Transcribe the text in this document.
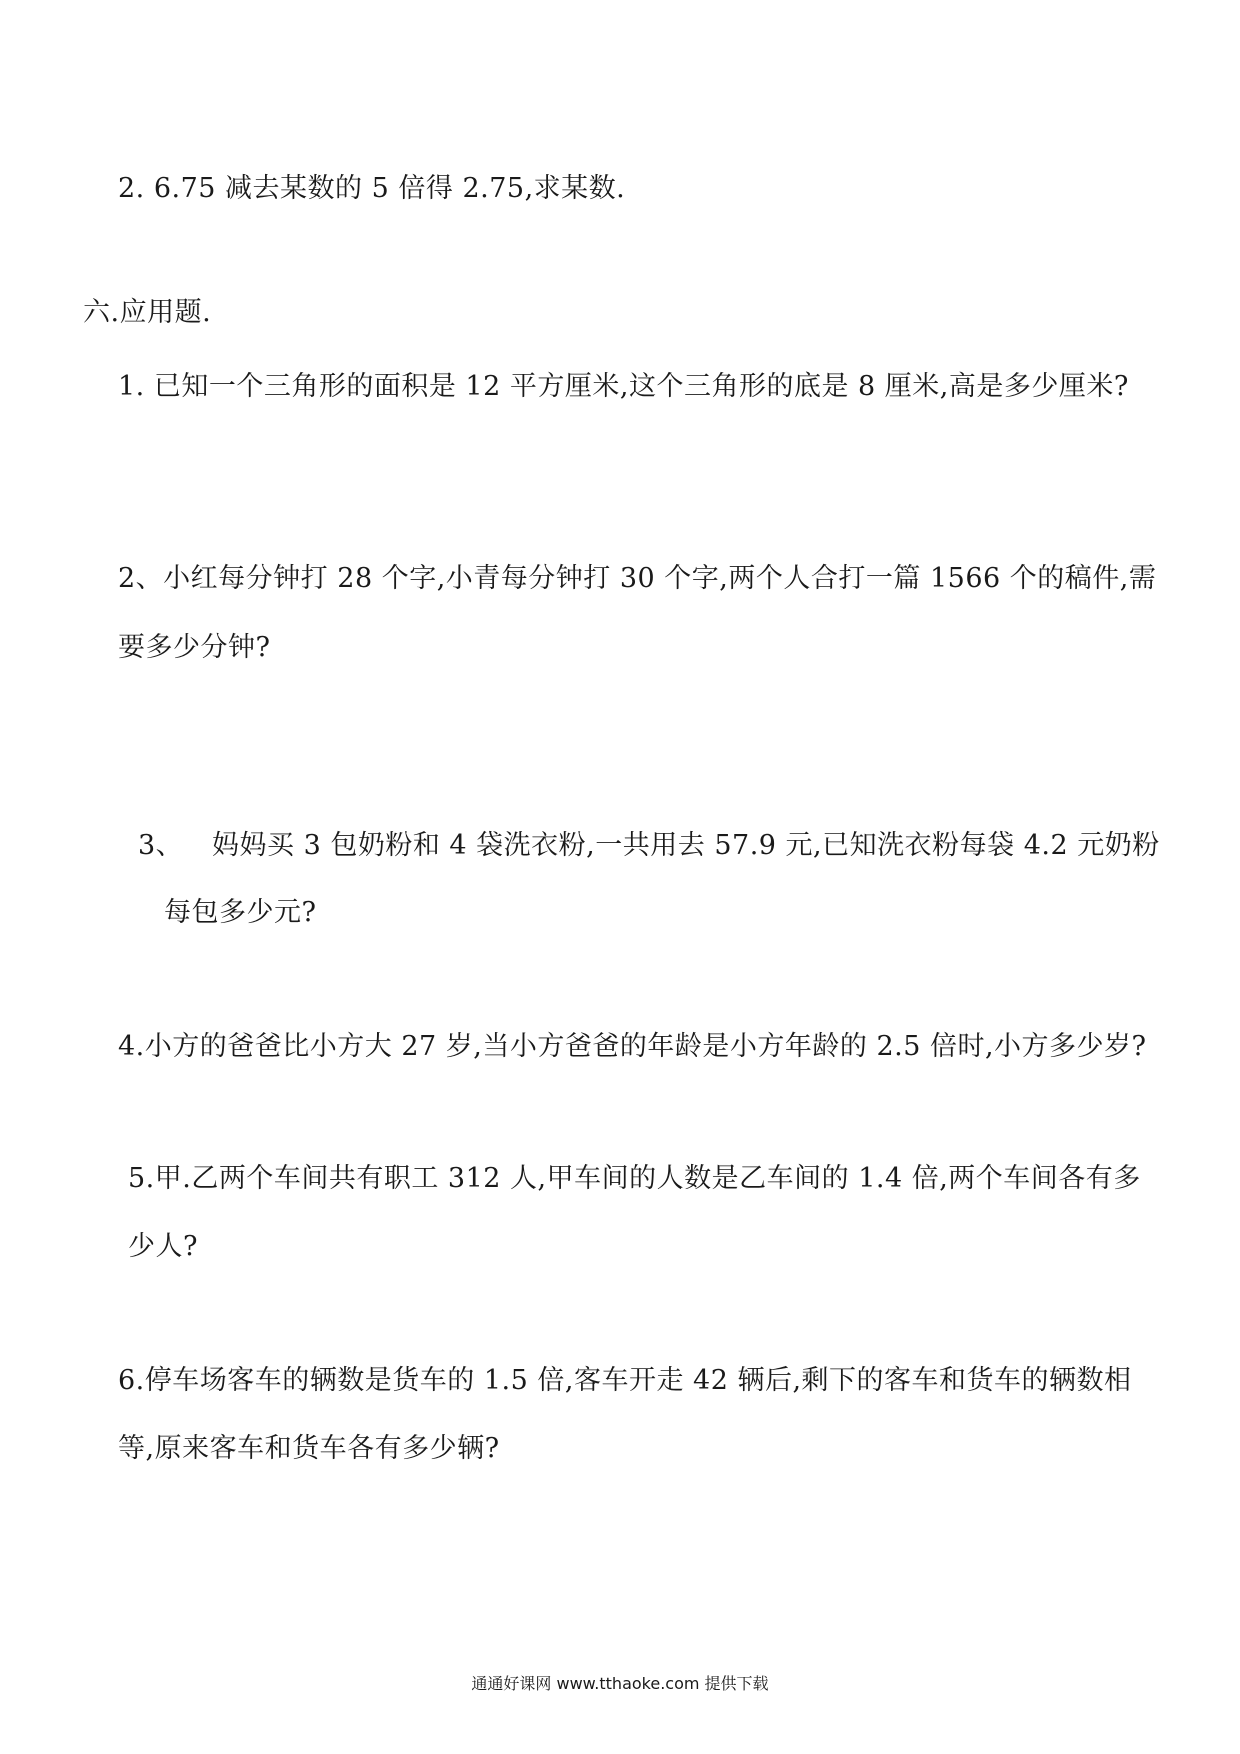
2. 6.75 减去某数的 5 倍得 2.75,求某数.
六.应用题.
1. 已知一个三角形的面积是 12 平方厘米,这个三角形的底是 8 厘米,高是多少厘米?
2、小红每分钟打 28 个字,小青每分钟打 30 个字,两个人合打一篇 1566 个的稿件,需
要多少分钟?
3、 妈妈买 3 包奶粉和 4 袋洗衣粉,一共用去 57.9 元,已知洗衣粉每袋 4.2 元奶粉
每包多少元?
4.小方的爸爸比小方大 27 岁,当小方爸爸的年龄是小方年龄的 2.5 倍时,小方多少岁?
5.甲.乙两个车间共有职工 312 人,甲车间的人数是乙车间的 1.4 倍,两个车间各有多
少人?
6.停车场客车的辆数是货车的 1.5 倍,客车开走 42 辆后,剩下的客车和货车的辆数相
等,原来客车和货车各有多少辆?
通通好课网 www.tthaoke.com 提供下载
